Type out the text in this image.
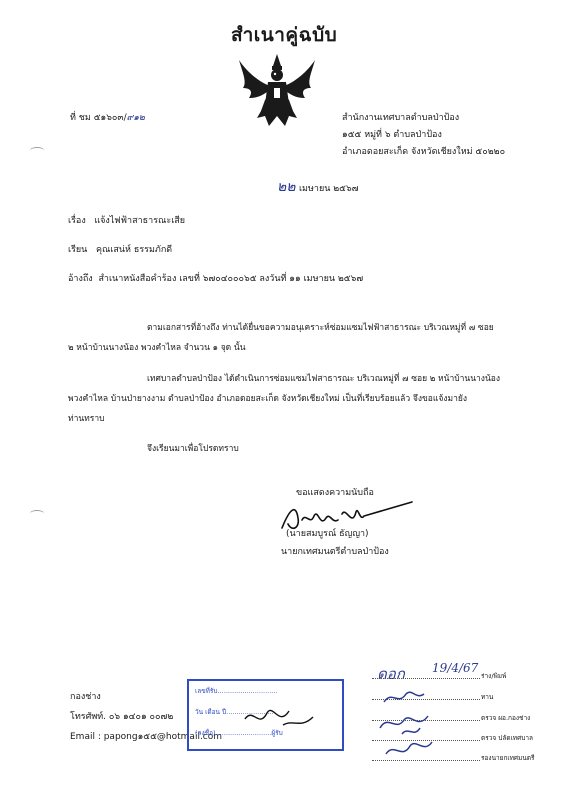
สำเนาคู่ฉบับ
ที่ ชม ๕๑๖๐๓/๙๑๒	สำนักงานเทศบาลตำบลป่าป้อง
๑๕๕ หมู่ที่ ๖ ตำบลป่าป้อง
อำเภอดอยสะเก็ด จังหวัดเชียงใหม่ ๕๐๒๒๐
๒๒ เมษายน ๒๕๖๗
เรื่อง แจ้งไฟฟ้าสาธารณะเสีย
เรียน คุณเสน่ห์ ธรรมภักดี
อ้างถึง สำเนาหนังสือคำร้อง เลขที่ ๖๗๐๔๐๐๐๖๕ ลงวันที่ ๑๑ เมษายน ๒๕๖๗
ตามเอกสารที่อ้างถึง ท่านได้ยื่นขอความอนุเคราะห์ซ่อมแซมไฟฟ้าสาธารณะ บริเวณหมู่ที่ ๗ ซอย
๒ หน้าบ้านนางน้อง พวงคำไหล จำนวน ๑ จุด นั้น
เทศบาลตำบลป่าป้อง ได้ดำเนินการซ่อมแซมไฟสาธารณะ บริเวณหมู่ที่ ๗ ซอย ๒ หน้าบ้านนางน้อง
พวงคำไหล บ้านป่ายางงาม ตำบลป่าป้อง อำเภอดอยสะเก็ด จังหวัดเชียงใหม่ เป็นที่เรียบร้อยแล้ว จึงขอแจ้งมายัง
ท่านทราบ
จึงเรียนมาเพื่อโปรดทราบ
ขอแสดงความนับถือ
(นายสมบูรณ์ ธัญญา)
นายกเทศมนตรีตำบลป่าป้อง
กองช่าง
โทรศัพท์. ๐๖ ๑๔๐๑ ๐๐๗๒
Email : papong๑๕๕@hotmail.com
เลขที่รับ.............................
วัน เดือน ปี.......................
(ลงชื่อ)...........................ผู้รับ
ดอก 19/4/67
ร่าง/พิมพ์
ทาน
ตรวจ ผอ.กองช่าง
ตรวจ ปลัดเทศบาล
รองนายกเทศมนตรี
